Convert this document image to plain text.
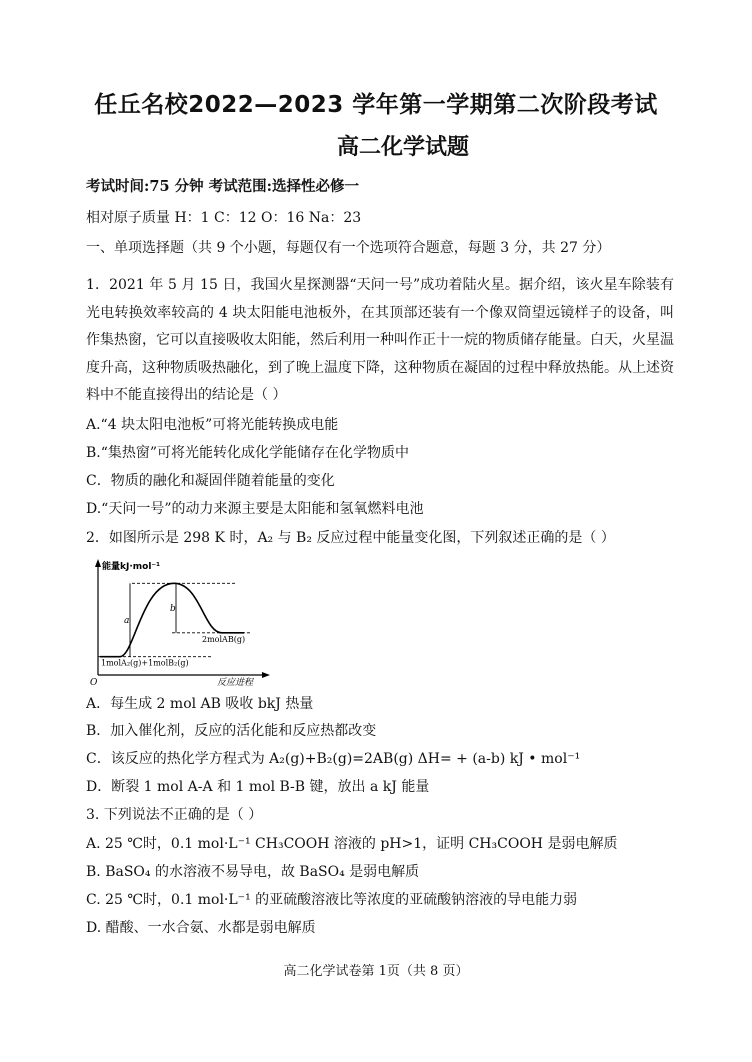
任丘名校2022—2023 学年第一学期第二次阶段考试
高二化学试题
考试时间:75 分钟 考试范围:选择性必修一
相对原子质量 H：1 C：12 O：16 Na：23
一、单项选择题（共 9 个小题，每题仅有一个选项符合题意，每题 3 分，共 27 分）
1．2021 年 5 月 15 日，我国火星探测器“天问一号”成功着陆火星。据介绍，该火星车除装有光电转换效率较高的 4 块太阳能电池板外，在其顶部还装有一个像双筒望远镜样子的设备，叫作集热窗，它可以直接吸收太阳能，然后利用一种叫作正十一烷的物质储存能量。白天，火星温度升高，这种物质吸热融化，到了晚上温度下降，这种物质在凝固的过程中释放热能。从上述资料中不能直接得出的结论是（ ）
A.“4 块太阳电池板”可将光能转换成电能
B.“集热窗”可将光能转化成化学能储存在化学物质中
C．物质的融化和凝固伴随着能量的变化
D.“天问一号”的动力来源主要是太阳能和氢氧燃料电池
2．如图所示是 298 K 时，A₂ 与 B₂ 反应过程中能量变化图，下列叙述正确的是（ ）
能量kJ·mol⁻¹
反应进程
O
a
b
2molAB(g)
1molA₂(g)+1molB₂(g)
A．每生成 2 mol AB 吸收 bkJ 热量
B．加入催化剂，反应的活化能和反应热都改变
C．该反应的热化学方程式为 A₂(g)+B₂(g)=2AB(g) ΔH= + (a-b) kJ • mol⁻¹
D．断裂 1 mol A-A 和 1 mol B-B 键，放出 a kJ 能量
3. 下列说法不正确的是（ ）
A. 25 ℃时，0.1 mol·L⁻¹ CH₃COOH 溶液的 pH>1，证明 CH₃COOH 是弱电解质
B. BaSO₄ 的水溶液不易导电，故 BaSO₄ 是弱电解质
C. 25 ℃时，0.1 mol·L⁻¹ 的亚硫酸溶液比等浓度的亚硫酸钠溶液的导电能力弱
D. 醋酸、一水合氨、水都是弱电解质
高二化学试卷第 1页（共 8 页）
